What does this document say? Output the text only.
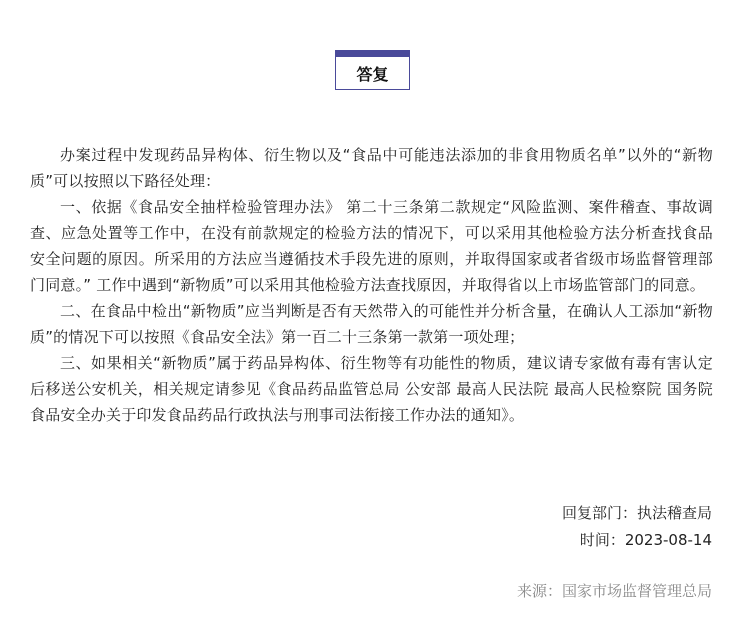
答复

办案过程中发现药品异构体、衍生物以及“食品中可能违法添加的非食用物质名单”以外的“新物质”可以按照以下路径处理：

一、依据《食品安全抽样检验管理办法》 第二十三条第二款规定“风险监测、案件稽查、事故调查、应急处置等工作中，在没有前款规定的检验方法的情况下，可以采用其他检验方法分析查找食品安全问题的原因。所采用的方法应当遵循技术手段先进的原则，并取得国家或者省级市场监督管理部门同意。” 工作中遇到“新物质”可以采用其他检验方法查找原因，并取得省以上市场监管部门的同意。

二、在食品中检出“新物质”应当判断是否有天然带入的可能性并分析含量，在确认人工添加“新物质”的情况下可以按照《食品安全法》第一百二十三条第一款第一项处理；

三、如果相关“新物质”属于药品异构体、衍生物等有功能性的物质，建议请专家做有毒有害认定后移送公安机关，相关规定请参见《食品药品监管总局 公安部 最高人民法院 最高人民检察院 国务院食品安全办关于印发食品药品行政执法与刑事司法衔接工作办法的通知》。

回复部门：执法稽查局
时间：2023-08-14
来源：国家市场监督管理总局
